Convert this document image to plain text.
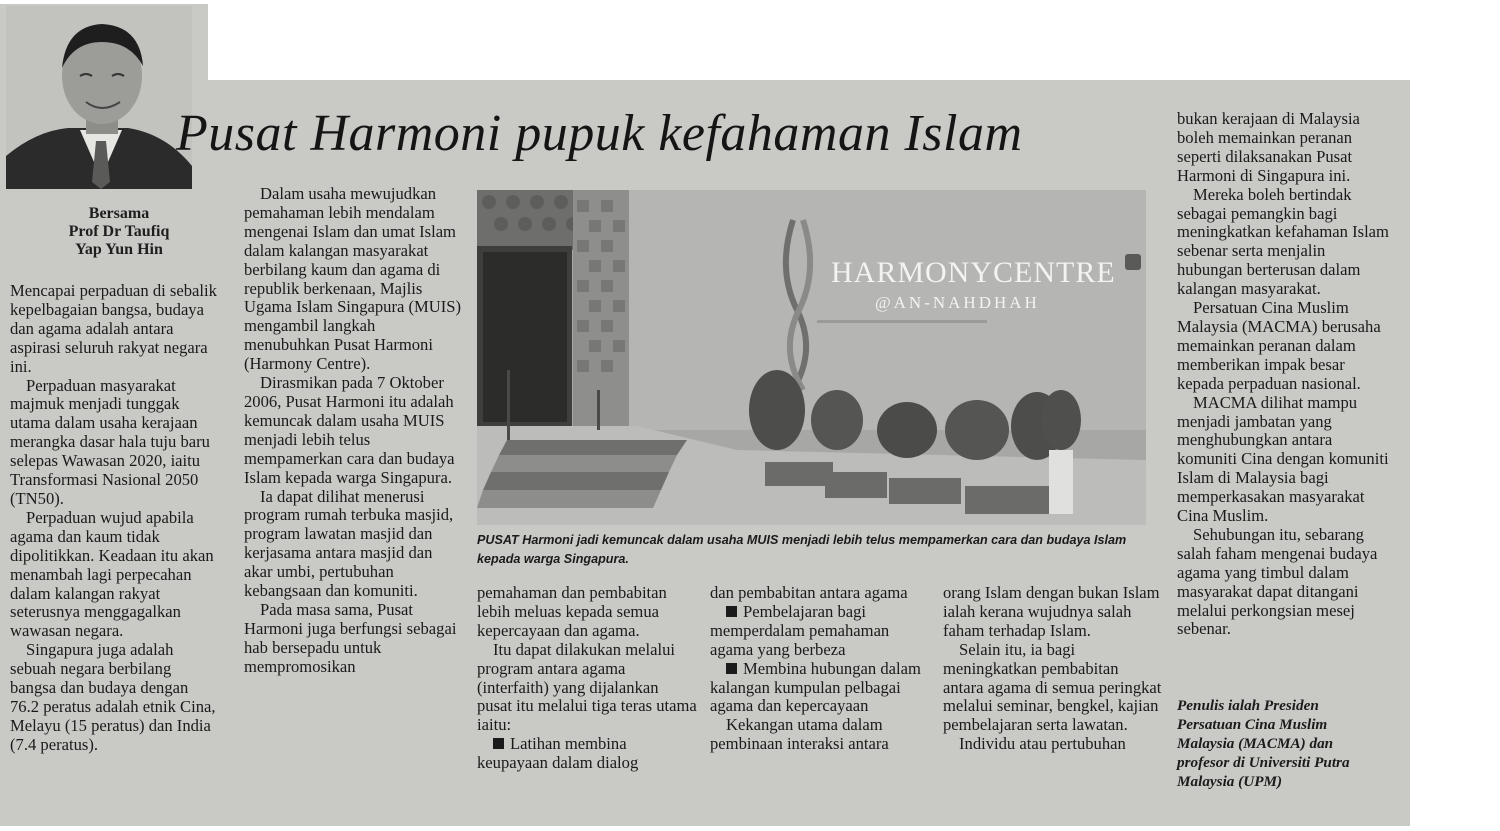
Pusat Harmoni pupuk kefahaman Islam
Bersama
Prof Dr Taufiq
Yap Yun Hin

Mencapai perpaduan di sebalik kepelbagaian bangsa, budaya dan agama adalah antara aspirasi seluruh rakyat negara ini.

Perpaduan masyarakat majmuk menjadi tunggak utama dalam usaha kerajaan merangka dasar hala tuju baru selepas Wawasan 2020, iaitu Transformasi Nasional 2050 (TN50).

Perpaduan wujud apabila agama dan kaum tidak dipolitikkan. Keadaan itu akan menambah lagi perpecahan dalam kalangan rakyat seterusnya menggagalkan wawasan negara.

Singapura juga adalah sebuah negara berbilang bangsa dan budaya dengan 76.2 peratus adalah etnik Cina, Melayu (15 peratus) dan India (7.4 peratus).

Dalam usaha mewujudkan pemahaman lebih mendalam mengenai Islam dan umat Islam dalam kalangan masyarakat berbilang kaum dan agama di republik berkenaan, Majlis Ugama Islam Singapura (MUIS) mengambil langkah menubuhkan Pusat Harmoni (Harmony Centre).

Dirasmikan pada 7 Oktober 2006, Pusat Harmoni itu adalah kemuncak dalam usaha MUIS menjadi lebih telus mempamerkan cara dan budaya Islam kepada warga Singapura.

Ia dapat dilihat menerusi program rumah terbuka masjid, program lawatan masjid dan kerjasama antara masjid dan akar umbi, pertubuhan kebangsaan dan komuniti.

Pada masa sama, Pusat Harmoni juga berfungsi sebagai hab bersepadu untuk mempromosikan

HARMONYCENTRE
@AN-NAHDHAH
PUSAT Harmoni jadi kemuncak dalam usaha MUIS menjadi lebih telus mempamerkan cara dan budaya Islam kepada warga Singapura.

pemahaman dan pembabitan lebih meluas kepada semua kepercayaan dan agama.

Itu dapat dilakukan melalui program antara agama (interfaith) yang dijalankan pusat itu melalui tiga teras utama iaitu:

Latihan membina keupayaan dalam dialog

dan pembabitan antara agama

Pembelajaran bagi memperdalam pemahaman agama yang berbeza

Membina hubungan dalam kalangan kumpulan pelbagai agama dan kepercayaan

Kekangan utama dalam pembinaan interaksi antara

orang Islam dengan bukan Islam ialah kerana wujudnya salah faham terhadap Islam.

Selain itu, ia bagi meningkatkan pembabitan antara agama di semua peringkat melalui seminar, bengkel, kajian pembelajaran serta lawatan.

Individu atau pertubuhan

bukan kerajaan di Malaysia boleh memainkan peranan seperti dilaksanakan Pusat Harmoni di Singapura ini.

Mereka boleh bertindak sebagai pemangkin bagi meningkatkan kefahaman Islam sebenar serta menjalin hubungan berterusan dalam kalangan masyarakat.

Persatuan Cina Muslim Malaysia (MACMA) berusaha memainkan peranan dalam memberikan impak besar kepada perpaduan nasional.

MACMA dilihat mampu menjadi jambatan yang menghubungkan antara komuniti Cina dengan komuniti Islam di Malaysia bagi memperkasakan masyarakat Cina Muslim.

Sehubungan itu, sebarang salah faham mengenai budaya agama yang timbul dalam masyarakat dapat ditangani melalui perkongsian mesej sebenar.

Penulis ialah Presiden Persatuan Cina Muslim Malaysia (MACMA) dan profesor di Universiti Putra Malaysia (UPM)
